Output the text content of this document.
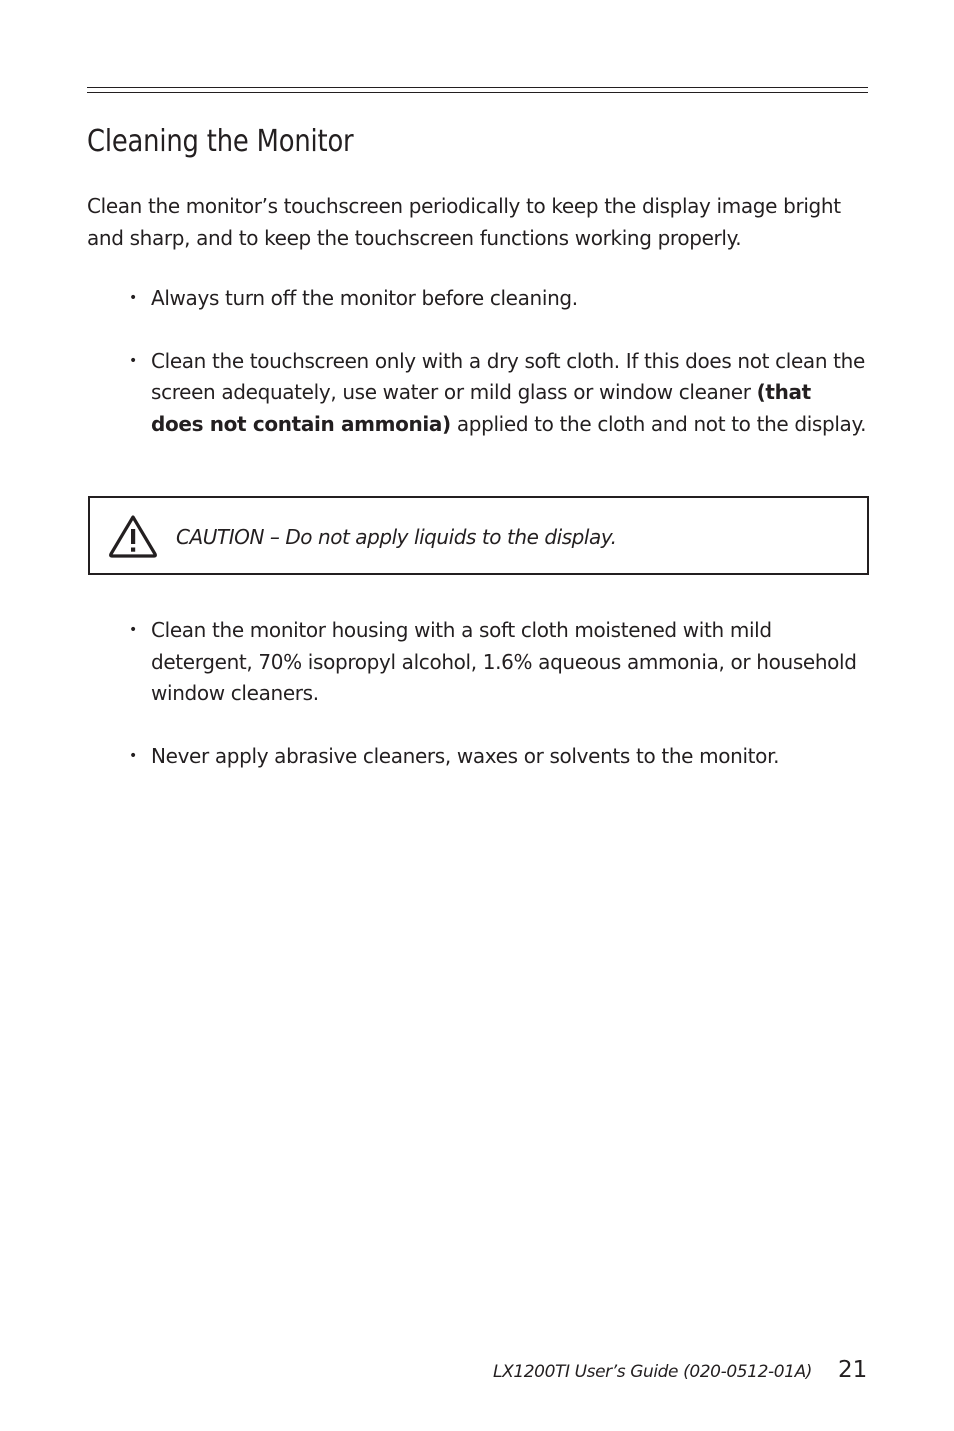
Cleaning the Monitor

Clean the monitor’s touchscreen periodically to keep the display image bright and sharp, and to keep the touchscreen functions working properly.

• Always turn off the monitor before cleaning.
• Clean the touchscreen only with a dry soft cloth. If this does not clean the screen adequately, use water or mild glass or window cleaner (that does not contain ammonia) applied to the cloth and not to the display.
CAUTION – Do not apply liquids to the display.
• Clean the monitor housing with a soft cloth moistened with mild detergent, 70% isopropyl alcohol, 1.6% aqueous ammonia, or household window cleaners.
• Never apply abrasive cleaners, waxes or solvents to the monitor.
LX1200TI User’s Guide (020-0512-01A) 21
